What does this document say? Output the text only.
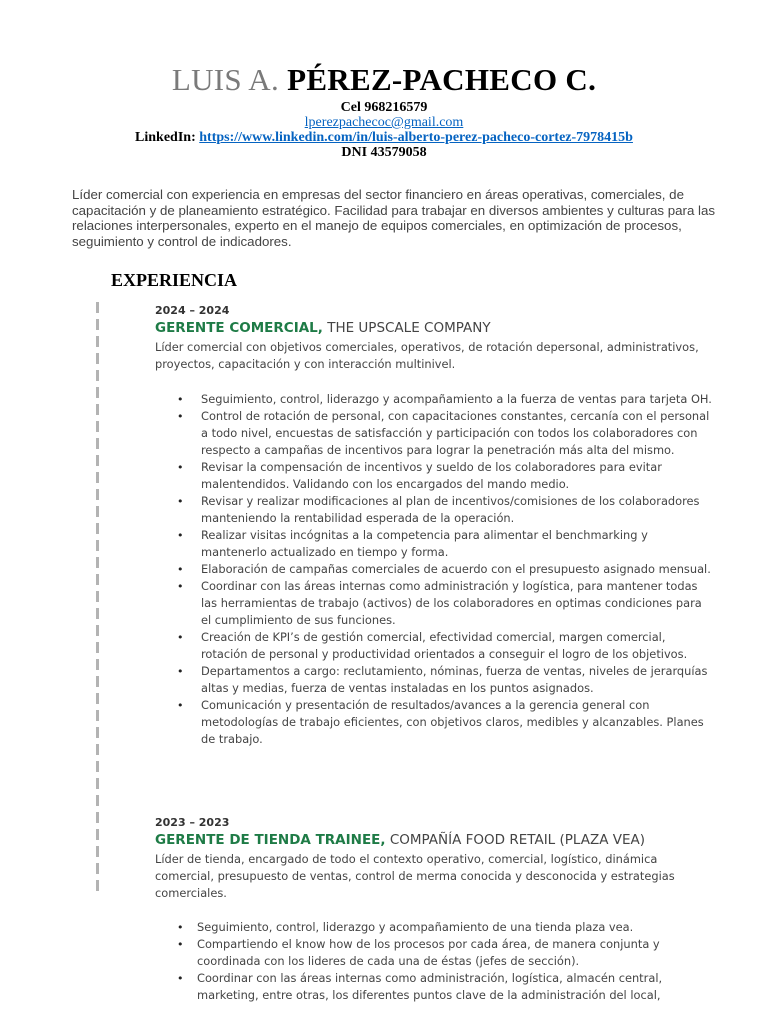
LUIS A. PÉREZ-PACHECO C.
Cel 968216579
lperezpachecoc@gmail.com
LinkedIn: https://www.linkedin.com/in/luis-alberto-perez-pacheco-cortez-7978415b
DNI 43579058

Líder comercial con experiencia en empresas del sector financiero en áreas operativas, comerciales, de capacitación y de planeamiento estratégico. Facilidad para trabajar en diversos ambientes y culturas para las relaciones interpersonales, experto en el manejo de equipos comerciales, en optimización de procesos, seguimiento y control de indicadores.

EXPERIENCIA
2024 – 2024
GERENTE COMERCIAL, THE UPSCALE COMPANY
Líder comercial con objetivos comerciales, operativos, de rotación depersonal, administrativos, proyectos, capacitación y con interacción multinivel.
• Seguimiento, control, liderazgo y acompañamiento a la fuerza de ventas para tarjeta OH.
• Control de rotación de personal, con capacitaciones constantes, cercanía con el personal a todo nivel, encuestas de satisfacción y participación con todos los colaboradores con respecto a campañas de incentivos para lograr la penetración más alta del mismo.
• Revisar la compensación de incentivos y sueldo de los colaboradores para evitar malentendidos. Validando con los encargados del mando medio.
• Revisar y realizar modificaciones al plan de incentivos/comisiones de los colaboradores manteniendo la rentabilidad esperada de la operación.
• Realizar visitas incógnitas a la competencia para alimentar el benchmarking y mantenerlo actualizado en tiempo y forma.
• Elaboración de campañas comerciales de acuerdo con el presupuesto asignado mensual.
• Coordinar con las áreas internas como administración y logística, para mantener todas las herramientas de trabajo (activos) de los colaboradores en optimas condiciones para el cumplimiento de sus funciones.
• Creación de KPI’s de gestión comercial, efectividad comercial, margen comercial, rotación de personal y productividad orientados a conseguir el logro de los objetivos.
• Departamentos a cargo: reclutamiento, nóminas, fuerza de ventas, niveles de jerarquías altas y medias, fuerza de ventas instaladas en los puntos asignados.
• Comunicación y presentación de resultados/avances a la gerencia general con metodologías de trabajo eficientes, con objetivos claros, medibles y alcanzables. Planes de trabajo.
2023 – 2023
GERENTE DE TIENDA TRAINEE, COMPAÑÍA FOOD RETAIL (PLAZA VEA)
Líder de tienda, encargado de todo el contexto operativo, comercial, logístico, dinámica comercial, presupuesto de ventas, control de merma conocida y desconocida y estrategias comerciales.
• Seguimiento, control, liderazgo y acompañamiento de una tienda plaza vea.
• Compartiendo el know how de los procesos por cada área, de manera conjunta y coordinada con los lideres de cada una de éstas (jefes de sección).
• Coordinar con las áreas internas como administración, logística, almacén central, marketing, entre otras, los diferentes puntos clave de la administración del local,
